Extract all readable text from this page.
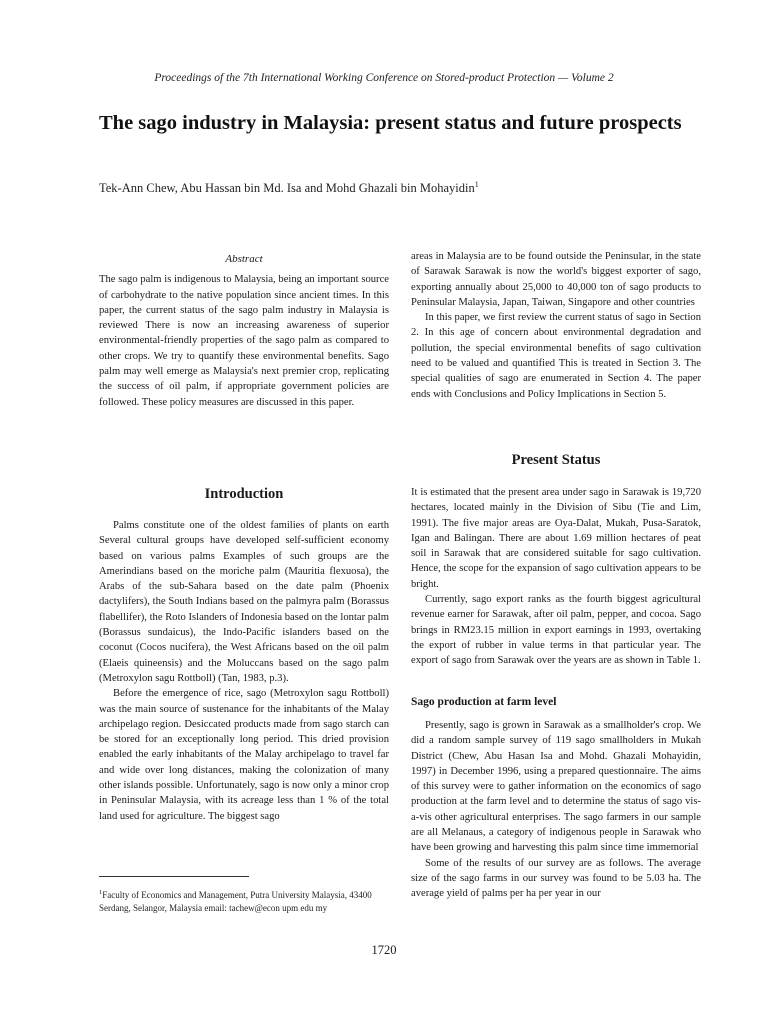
Proceedings of the 7th International Working Conference on Stored-product Protection — Volume 2
The sago industry in Malaysia: present status and future prospects
Tek-Ann Chew, Abu Hassan bin Md. Isa and Mohd Ghazali bin Mohayidin$^1$
Abstract

The sago palm is indigenous to Malaysia, being an important source of carbohydrate to the native population since ancient times. In this paper, the current status of the sago palm industry in Malaysia is reviewed There is now an increasing awareness of superior environmental-friendly properties of the sago palm as compared to other crops. We try to quantify these environmental benefits. Sago palm may well emerge as Malaysia's next premier crop, replicating the success of oil palm, if appropriate government policies are followed. These policy measures are discussed in this paper.

Introduction

Palms constitute one of the oldest families of plants on earth Several cultural groups have developed self-sufficient economy based on various palms Examples of such groups are the Amerindians based on the moriche palm (Mauritia flexuosa), the Arabs of the sub-Sahara based on the date palm (Phoenix dactylifers), the South Indians based on the palmyra palm (Borassus flabellifer), the Roto Islanders of Indonesia based on the lontar palm (Borassus sundaicus), the Indo-Pacific islanders based on the coconut (Cocos nucifera), the West Africans based on the oil palm (Elaeis quineensis) and the Moluccans based on the sago palm (Metroxylon sagu Rottboll) (Tan, 1983, p.3).

Before the emergence of rice, sago (Metroxylon sagu Rottboll) was the main source of sustenance for the inhabitants of the Malay archipelago region. Desiccated products made from sago starch can be stored for an exceptionally long period. This dried provision enabled the early inhabitants of the Malay archipelago to travel far and wide over long distances, making the colonization of many other islands possible. Unfortunately, sago is now only a minor crop in Peninsular Malaysia, with its acreage less than 1 % of the total land used for agriculture. The biggest sago

$^1$Faculty of Economics and Management, Putra University Malaysia, 43400 Serdang, Selangor, Malaysia email: tachew@econ upm edu my

areas in Malaysia are to be found outside the Peninsular, in the state of Sarawak Sarawak is now the world's biggest exporter of sago, exporting annually about 25,000 to 40,000 ton of sago products to Peninsular Malaysia, Japan, Taiwan, Singapore and other countries

In this paper, we first review the current status of sago in Section 2. In this age of concern about environmental degradation and pollution, the special environmental benefits of sago cultivation need to be valued and quantified This is treated in Section 3. The special qualities of sago are enumerated in Section 4. The paper ends with Conclusions and Policy Implications in Section 5.

Present Status

It is estimated that the present area under sago in Sarawak is 19,720 hectares, located mainly in the Division of Sibu (Tie and Lim, 1991). The five major areas are Oya-Dalat, Mukah, Pusa-Saratok, Igan and Balingan. There are about 1.69 million hectares of peat soil in Sarawak that are considered suitable for sago cultivation. Hence, the scope for the expansion of sago cultivation appears to be bright.

Currently, sago export ranks as the fourth biggest agricultural revenue earner for Sarawak, after oil palm, pepper, and cocoa. Sago brings in RM23.15 million in export earnings in 1993, overtaking the export of rubber in value terms in that particular year. The export of sago from Sarawak over the years are as shown in Table 1.

Sago production at farm level

Presently, sago is grown in Sarawak as a smallholder's crop. We did a random sample survey of 119 sago smallholders in Mukah District (Chew, Abu Hasan Isa and Mohd. Ghazali Mohayidin, 1997) in December 1996, using a prepared questionnaire. The aims of this survey were to gather information on the economics of sago production at the farm level and to determine the status of sago vis-a-vis other agricultural enterprises. The sago farmers in our sample are all Melanaus, a category of indigenous people in Sarawak who have been growing and harvesting this palm since time immemorial

Some of the results of our survey are as follows. The average size of the sago farms in our survey was found to be 5.03 ha. The average yield of palms per ha per year in our

1720
